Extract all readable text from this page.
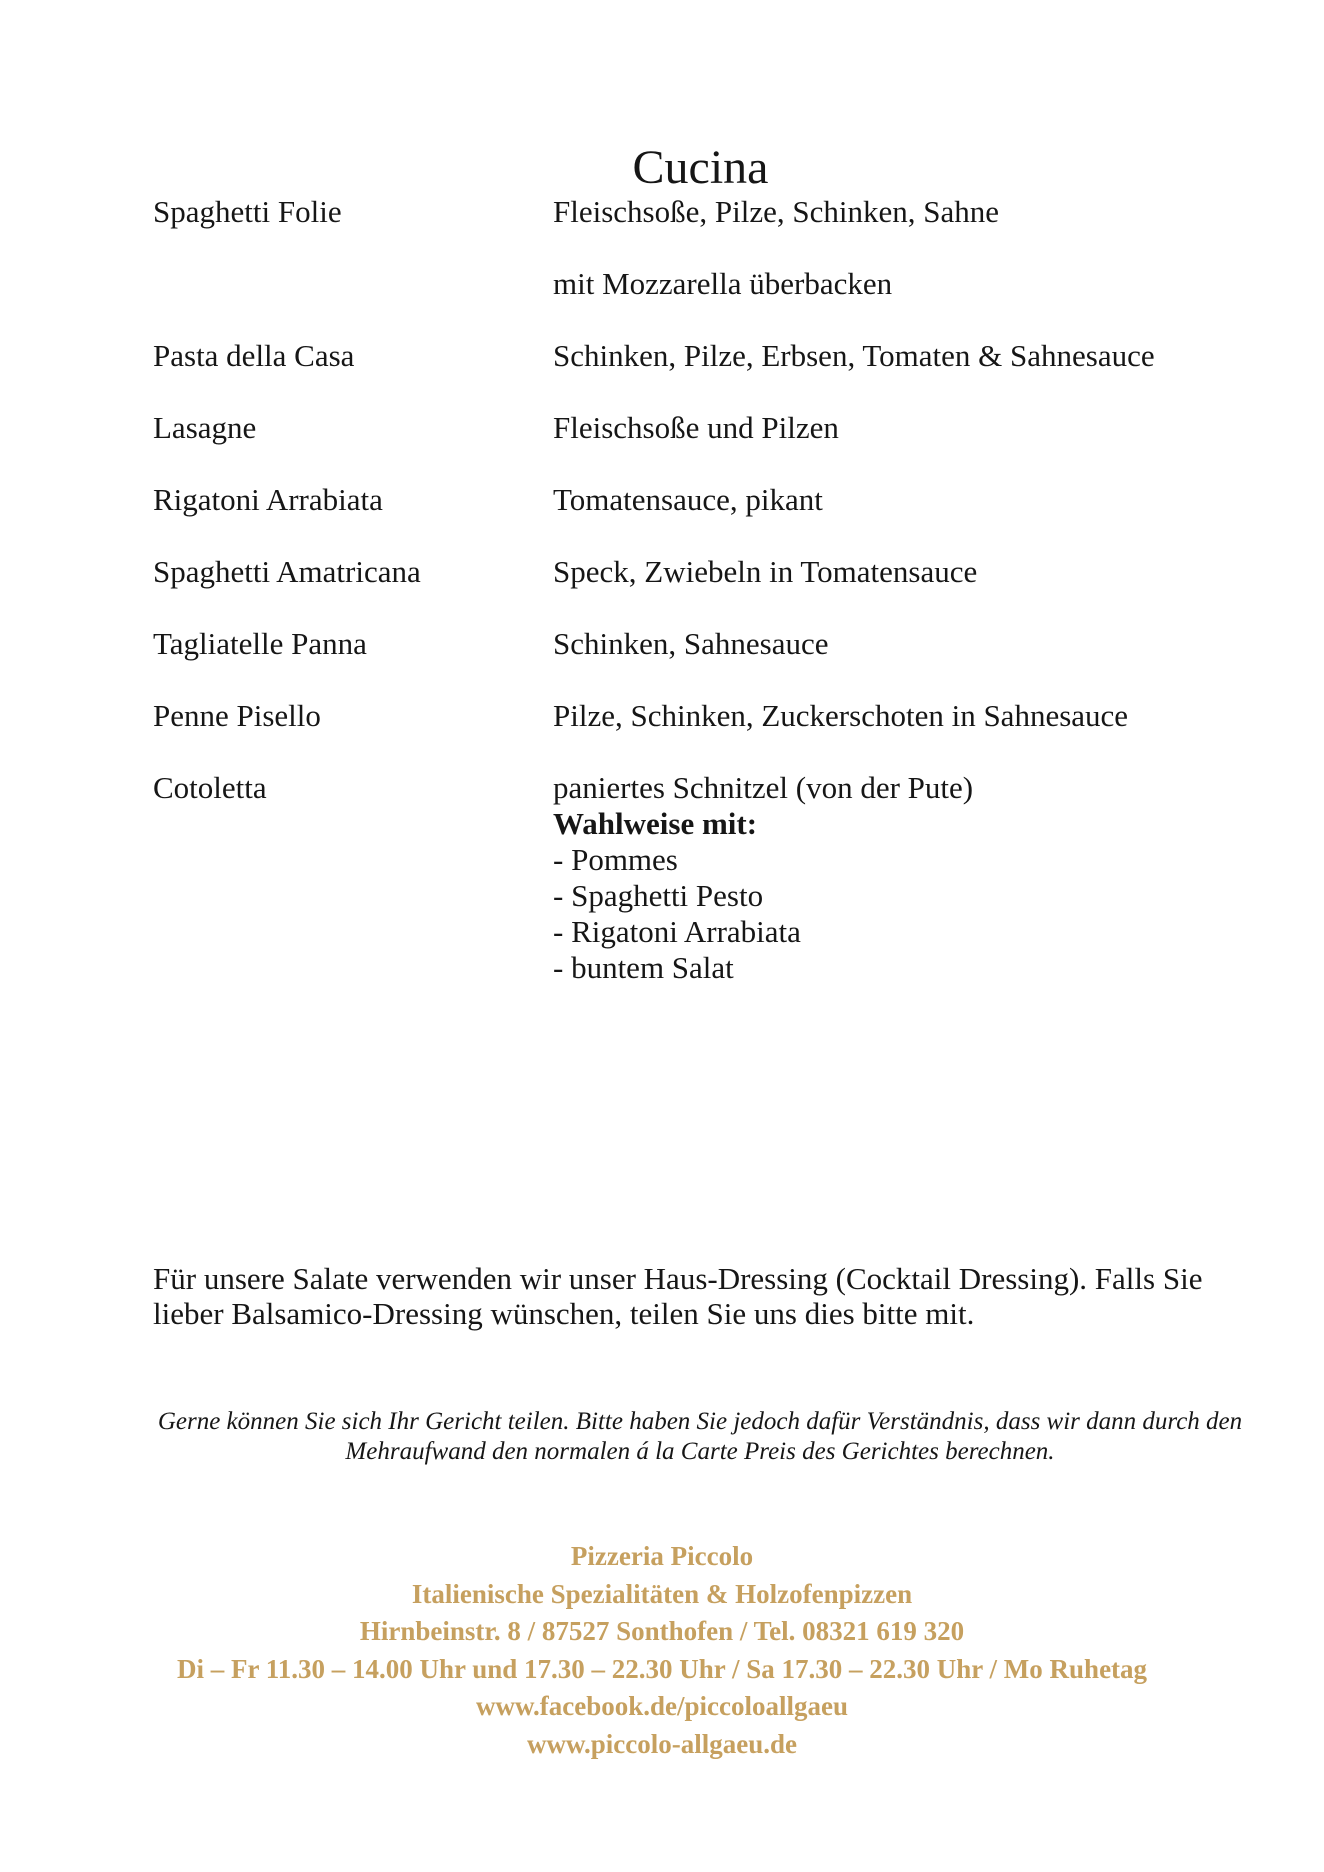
Cucina
Spaghetti Folie	Fleischsoße, Pilze, Schinken, Sahne
mit Mozzarella überbacken
Pasta della Casa	Schinken, Pilze, Erbsen, Tomaten & Sahnesauce
Lasagne	Fleischsoße und Pilzen
Rigatoni Arrabiata	Tomatensauce, pikant
Spaghetti Amatricana	Speck, Zwiebeln in Tomatensauce
Tagliatelle Panna	Schinken, Sahnesauce
Penne Pisello	Pilze, Schinken, Zuckerschoten in Sahnesauce
Cotoletta	paniertes Schnitzel (von der Pute)
Wahlweise mit:
- Pommes
- Spaghetti Pesto
- Rigatoni Arrabiata
- buntem Salat
Für unsere Salate verwenden wir unser Haus-Dressing (Cocktail Dressing). Falls Sie lieber Balsamico-Dressing wünschen, teilen Sie uns dies bitte mit.
Gerne können Sie sich Ihr Gericht teilen. Bitte haben Sie jedoch dafür Verständnis, dass wir dann durch den Mehraufwand den normalen á la Carte Preis des Gerichtes berechnen.
Pizzeria Piccolo
Italienische Spezialitäten & Holzofenpizzen
Hirnbeinstr. 8 / 87527 Sonthofen / Tel. 08321 619 320
Di – Fr 11.30 – 14.00 Uhr und 17.30 – 22.30 Uhr / Sa 17.30 – 22.30 Uhr / Mo Ruhetag
www.facebook.de/piccoloallgaeu
www.piccolo-allgaeu.de
